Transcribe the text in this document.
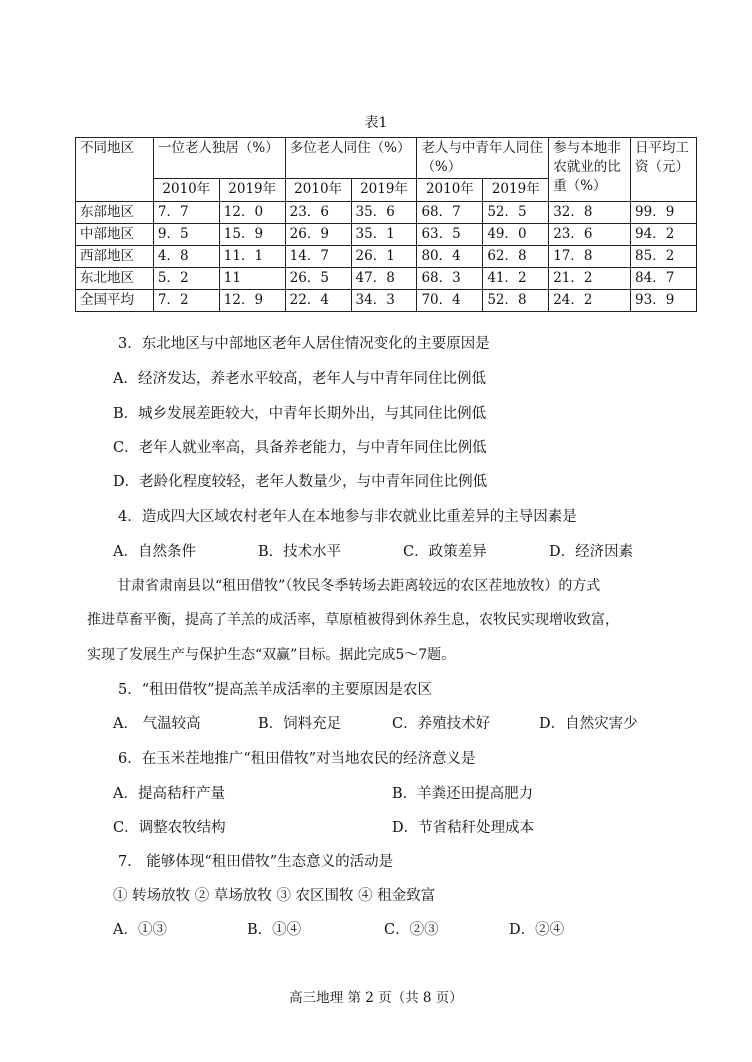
表1
不同地区	一位老人独居（%）		多位老人同住（%）		老人与中青年人同住（%）		参与本地非农就业的比重（%）	日平均工资（元）
	2010年	2019年	2010年	2019年	2010年	2019年		
东部地区	7．7	12．0	23．6	35．6	68．7	52．5	32．8	99．9
中部地区	9．5	15．9	26．9	35．1	63．5	49．0	23．6	94．2
西部地区	4．8	11．1	14．7	26．1	80．4	62．8	17．8	85．2
东北地区	5．2	11	26．5	47．8	68．3	41．2	21．2	84．7
全国平均	7．2	12．9	22．4	34．3	70．4	52．8	24．2	93．9
3．东北地区与中部地区老年人居住情况变化的主要原因是
A．经济发达，养老水平较高，老年人与中青年同住比例低
B．城乡发展差距较大，中青年长期外出，与其同住比例低
C．老年人就业率高，具备养老能力，与中青年同住比例低
D．老龄化程度较轻，老年人数量少，与中青年同住比例低
4．造成四大区域农村老年人在本地参与非农就业比重差异的主导因素是
A．自然条件	B．技术水平	C．政策差异	D．经济因素
甘肃省肃南县以“租田借牧”（牧民冬季转场去距离较远的农区茬地放牧）的方式
推进草畜平衡，提高了羊羔的成活率，草原植被得到休养生息，农牧民实现增收致富，
实现了发展生产与保护生态“双赢”目标。据此完成5～7题。
5．“租田借牧”提高羔羊成活率的主要原因是农区
A． 气温较高	B．饲料充足	C．养殖技术好	D．自然灾害少
6．在玉米茬地推广“租田借牧”对当地农民的经济意义是
A．提高秸秆产量	B．羊粪还田提高肥力
C．调整农牧结构	D．节省秸秆处理成本
7． 能够体现“租田借牧”生态意义的活动是
① 转场放牧 ② 草场放牧 ③ 农区围牧 ④ 租金致富
A．①③	B．①④	C．②③	D．②④
高三地理 第 2 页（共 8 页）
